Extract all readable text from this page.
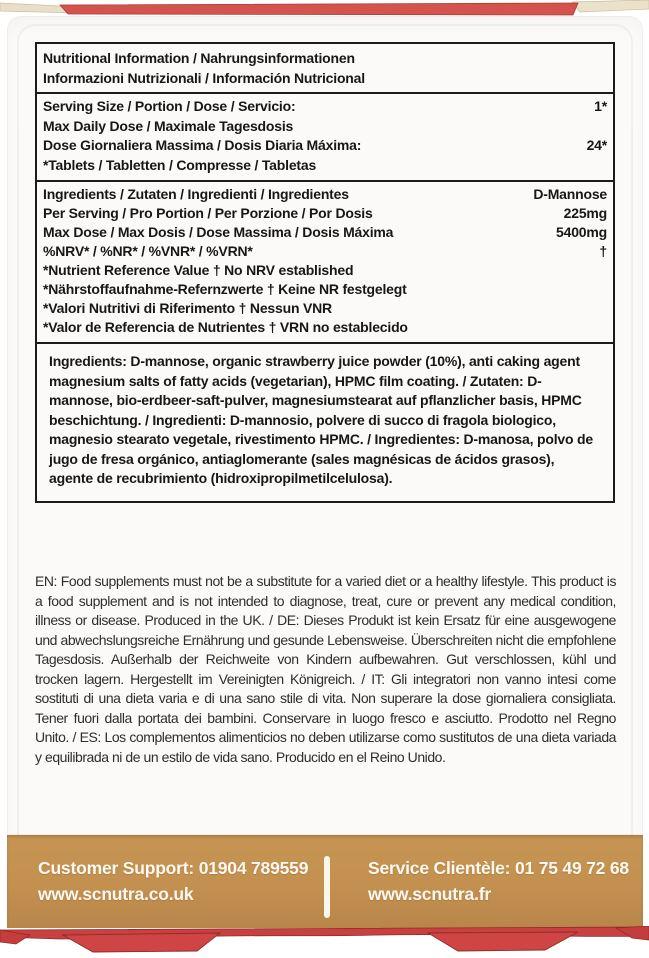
Nutritional Information / Nahrungsinformationen
Informazioni Nutrizionali / Información Nutricional
Serving Size / Portion / Dose / Servicio:	1*
Max Daily Dose / Maximale Tagesdosis
Dose Giornaliera Massima / Dosis Diaria Máxima:	24*
*Tablets / Tabletten / Compresse / Tabletas
Ingredients / Zutaten / Ingredienti / Ingredientes	D-Mannose
Per Serving / Pro Portion / Per Porzione / Por Dosis	225mg
Max Dose / Max Dosis / Dose Massima / Dosis Máxima	5400mg
%NRV* / %NR* / %VNR* / %VRN*	†
*Nutrient Reference Value † No NRV established
*Nährstoffaufnahme-Refernzwerte † Keine NR festgelegt
*Valori Nutritivi di Riferimento † Nessun VNR
*Valor de Referencia de Nutrientes † VRN no establecido

Ingredients: D-mannose, organic strawberry juice powder (10%), anti caking agent magnesium salts of fatty acids (vegetarian), HPMC film coating. / Zutaten: D-mannose, bio-erdbeer-saft-pulver, magnesiumstearat auf pflanzlicher basis, HPMC beschichtung. / Ingredienti: D-mannosio, polvere di succo di fragola biologico, magnesio stearato vegetale, rivestimento HPMC. / Ingredientes: D-manosa, polvo de jugo de fresa orgánico, antiaglomerante (sales magnésicas de ácidos grasos), agente de recubrimiento (hidroxipropilmetilcelulosa).

EN: Food supplements must not be a substitute for a varied diet or a healthy lifestyle. This product is a food supplement and is not intended to diagnose, treat, cure or prevent any medical condition, illness or disease. Produced in the UK. / DE: Dieses Produkt ist kein Ersatz für eine ausgewogene und abwechslungsreiche Ernährung und gesunde Lebensweise. Überschreiten nicht die empfohlene Tagesdosis. Außerhalb der Reichweite von Kindern aufbewahren. Gut verschlossen, kühl und trocken lagern. Hergestellt im Vereinigten Königreich. / IT: Gli integratori non vanno intesi come sostituti di una dieta varia e di una sano stile di vita. Non superare la dose giornaliera consigliata. Tener fuori dalla portata dei bambini. Conservare in luogo fresco e asciutto. Prodotto nel Regno Unito. / ES: Los complementos alimenticios no deben utilizarse como sustitutos de una dieta variada y equilibrada ni de un estilo de vida sano. Producido en el Reino Unido.

Customer Support: 01904 789559
www.scnutra.co.uk
Service Clientèle: 01 75 49 72 68
www.scnutra.fr
